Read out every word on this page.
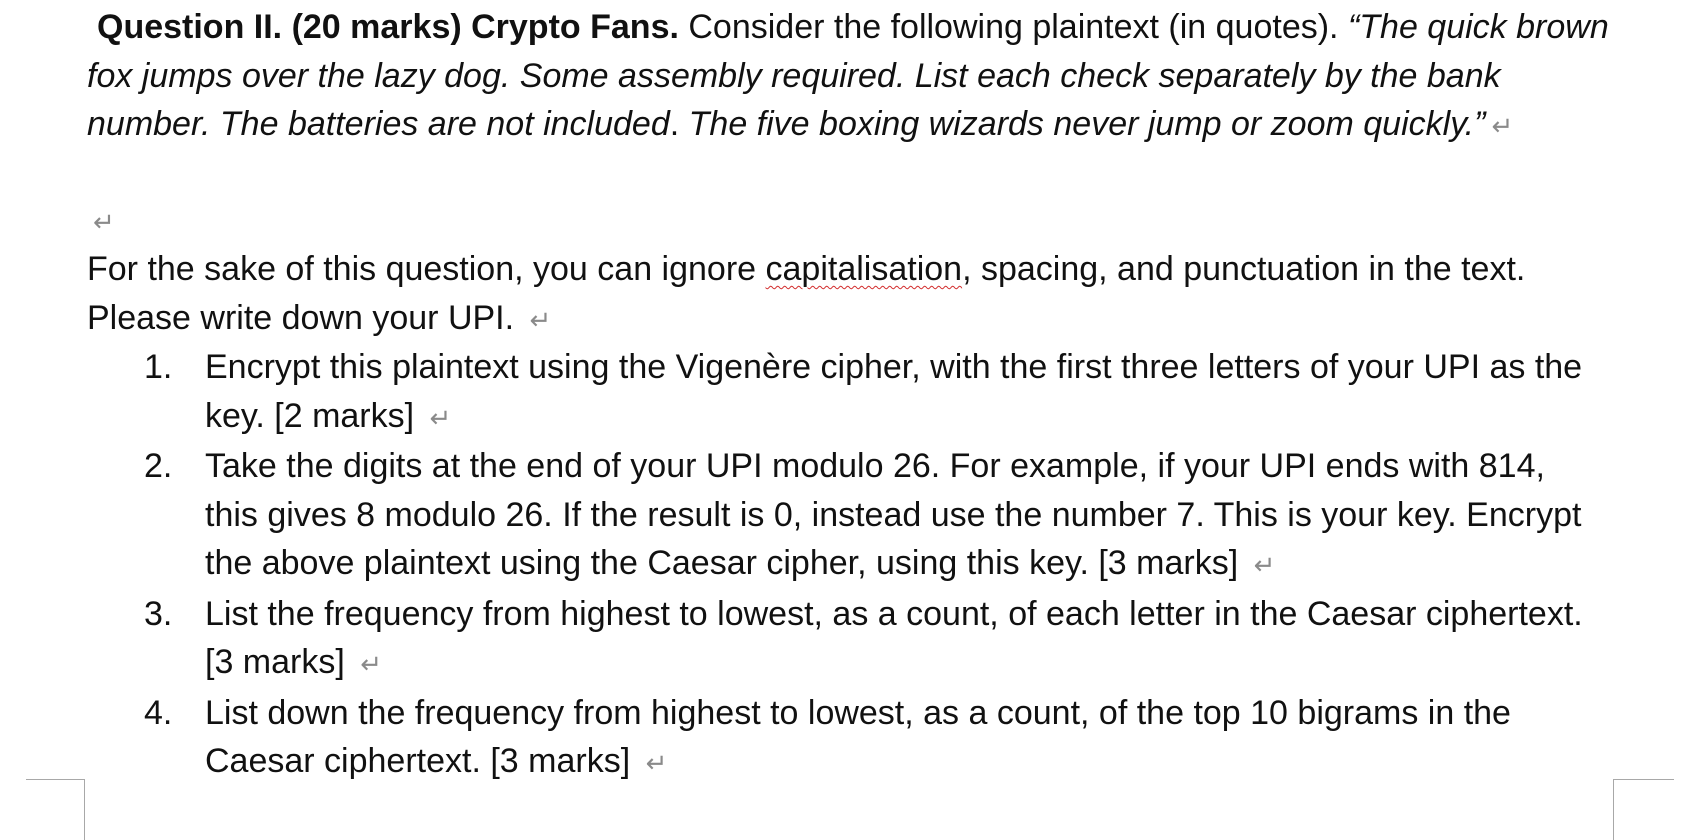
Question II. (20 marks) Crypto Fans. Consider the following plaintext (in quotes). “The quick brown fox jumps over the lazy dog. Some assembly required. List each check separately by the bank number. The batteries are not included. The five boxing wizards never jump or zoom quickly.” ↵
↵
For the sake of this question, you can ignore capitalisation, spacing, and punctuation in the text. Please write down your UPI. ↵
1. Encrypt this plaintext using the Vigenère cipher, with the first three letters of your UPI as the key. [2 marks] ↵
2. Take the digits at the end of your UPI modulo 26. For example, if your UPI ends with 814, this gives 8 modulo 26. If the result is 0, instead use the number 7. This is your key. Encrypt the above plaintext using the Caesar cipher, using this key. [3 marks] ↵
3. List the frequency from highest to lowest, as a count, of each letter in the Caesar ciphertext. [3 marks] ↵
4. List down the frequency from highest to lowest, as a count, of the top 10 bigrams in the Caesar ciphertext. [3 marks] ↵
